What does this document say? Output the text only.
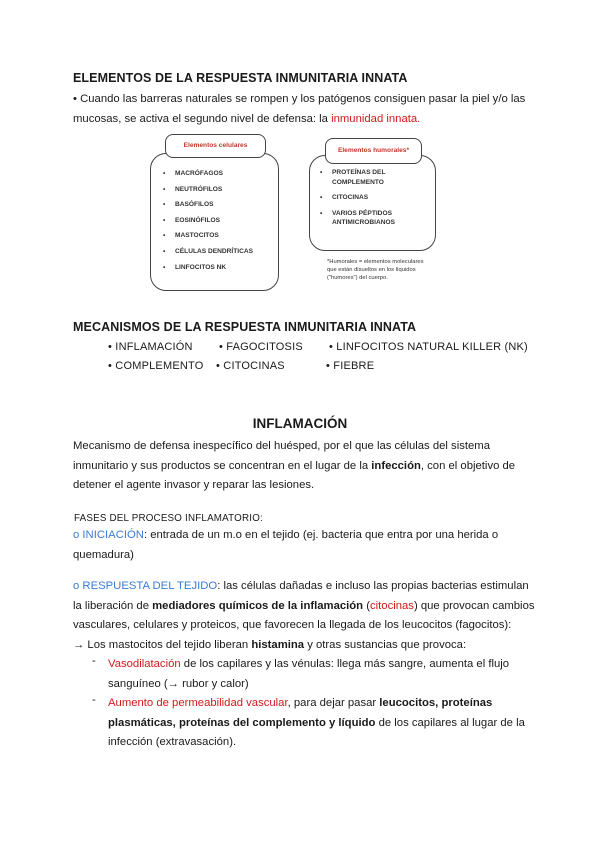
ELEMENTOS DE LA RESPUESTA INMUNITARIA INNATA
• Cuando las barreras naturales se rompen y los patógenos consiguen pasar la piel y/o las
mucosas, se activa el segundo nivel de defensa: la inmunidad innata.
Elementos celulares
• MACRÓFAGOS
• NEUTRÓFILOS
• BASÓFILOS
• EOSINÓFILOS
• MASTOCITOS
• CÉLULAS DENDRÍTICAS
• LINFOCITOS NK
Elementos humorales*
• PROTEÍNAS DEL COMPLEMENTO
• CITOCINAS
• VARIOS PÉPTIDOS ANTIMICROBIANOS
*Humorales = elementos moleculares
que están disueltos en los líquidos
("humores") del cuerpo.
MECANISMOS DE LA RESPUESTA INMUNITARIA INNATA
• INFLAMACIÓN • FAGOCITOSIS • LINFOCITOS NATURAL KILLER (NK)
• COMPLEMENTO • CITOCINAS	• FIEBRE
INFLAMACIÓN
Mecanismo de defensa inespecífico del huésped, por el que las células del sistema
inmunitario y sus productos se concentran en el lugar de la infección, con el objetivo de
detener el agente invasor y reparar las lesiones.
FASES DEL PROCESO INFLAMATORIO:
o INICIACIÓN: entrada de un m.o en el tejido (ej. bacteria que entra por una herida o
quemadura)
o RESPUESTA DEL TEJIDO: las células dañadas e incluso las propias bacterias estimulan
la liberación de mediadores químicos de la inflamación (citocinas) que provocan cambios
vasculares, celulares y proteicos, que favorecen la llegada de los leucocitos (fagocitos):
→ Los mastocitos del tejido liberan histamina y otras sustancias que provoca:
- Vasodilatación de los capilares y las vénulas: llega más sangre, aumenta el flujo
sanguíneo (→ rubor y calor)
- Aumento de permeabilidad vascular, para dejar pasar leucocitos, proteínas
plasmáticas, proteínas del complemento y líquido de los capilares al lugar de la
infección (extravasación).
